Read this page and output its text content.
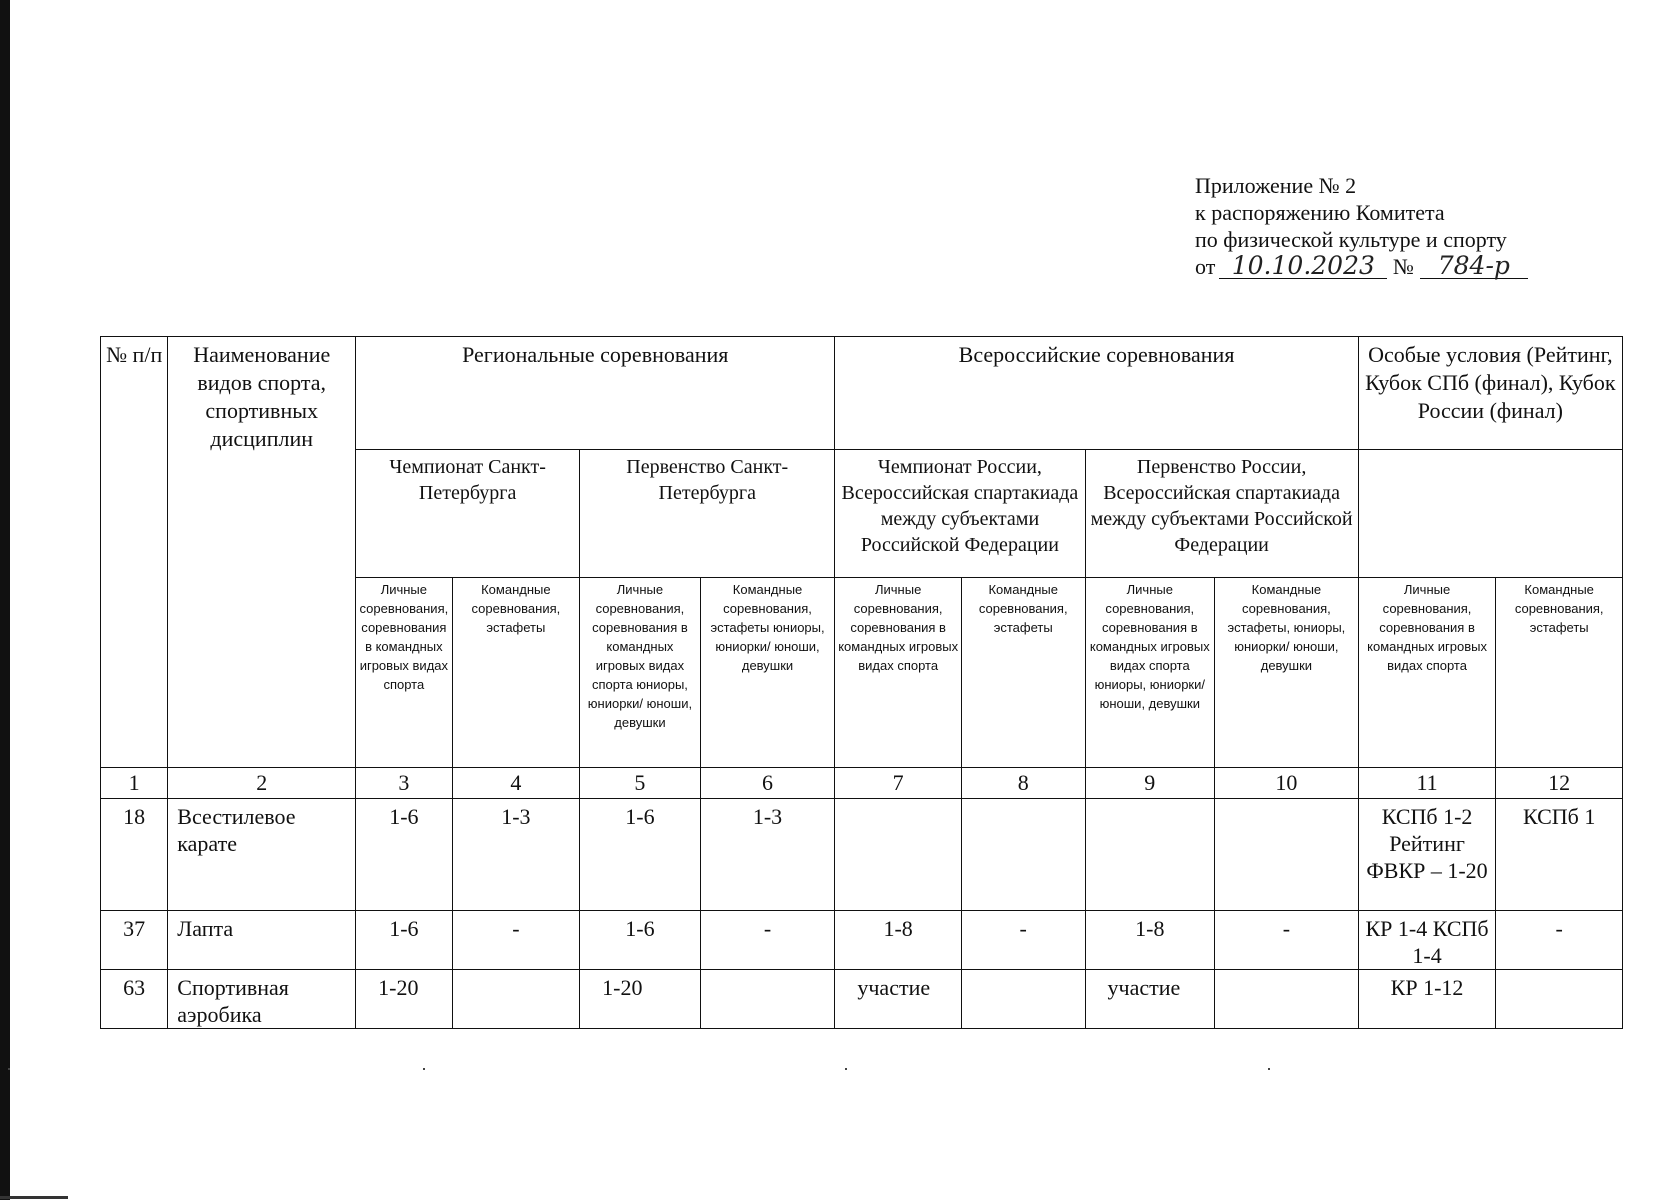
Приложение № 2
к распоряжению Комитета
по физической культуре и спорту
от 10.10.2023 № 784-р
№ п/п	Наименование видов спорта, спортивных дисциплин	Региональные соревнования				Всероссийские соревнования				Особые условия (Рейтинг, Кубок СПб (финал), Кубок России (финал)	
		Чемпионат Санкт-Петербурга		Первенство Санкт-Петербурга		Чемпионат России, Всероссийская спартакиада между субъектами Российской Федерации		Первенство России, Всероссийская спартакиада между субъектами Российской Федерации			
		Личные соревнования, соревнования в командных игровых видах спорта	Командные соревнования, эстафеты	Личные соревнования, соревнования в командных игровых видах спорта юниоры, юниорки/ юноши, девушки	Командные соревнования, эстафеты юниоры, юниорки/ юноши, девушки	Личные соревнования, соревнования в командных игровых видах спорта	Командные соревнования, эстафеты	Личные соревнования, соревнования в командных игровых видах спорта юниоры, юниорки/ юноши, девушки	Командные соревнования, эстафеты, юниоры, юниорки/ юноши, девушки	Личные соревнования, соревнования в командных игровых видах спорта	Командные соревнования, эстафеты
1	2	3	4	5	6	7	8	9	10	11	12
18	Всестилевое карате	1-6	1-3	1-6	1-3					КСПб 1-2 Рейтинг ФВКР – 1-20	КСПб 1
37	Лапта	1-6	-	1-6	-	1-8	-	1-8	-	КР 1-4 КСПб 1-4	-
63	Спортивная аэробика	1-20		1-20		участие		участие		КР 1-12	
